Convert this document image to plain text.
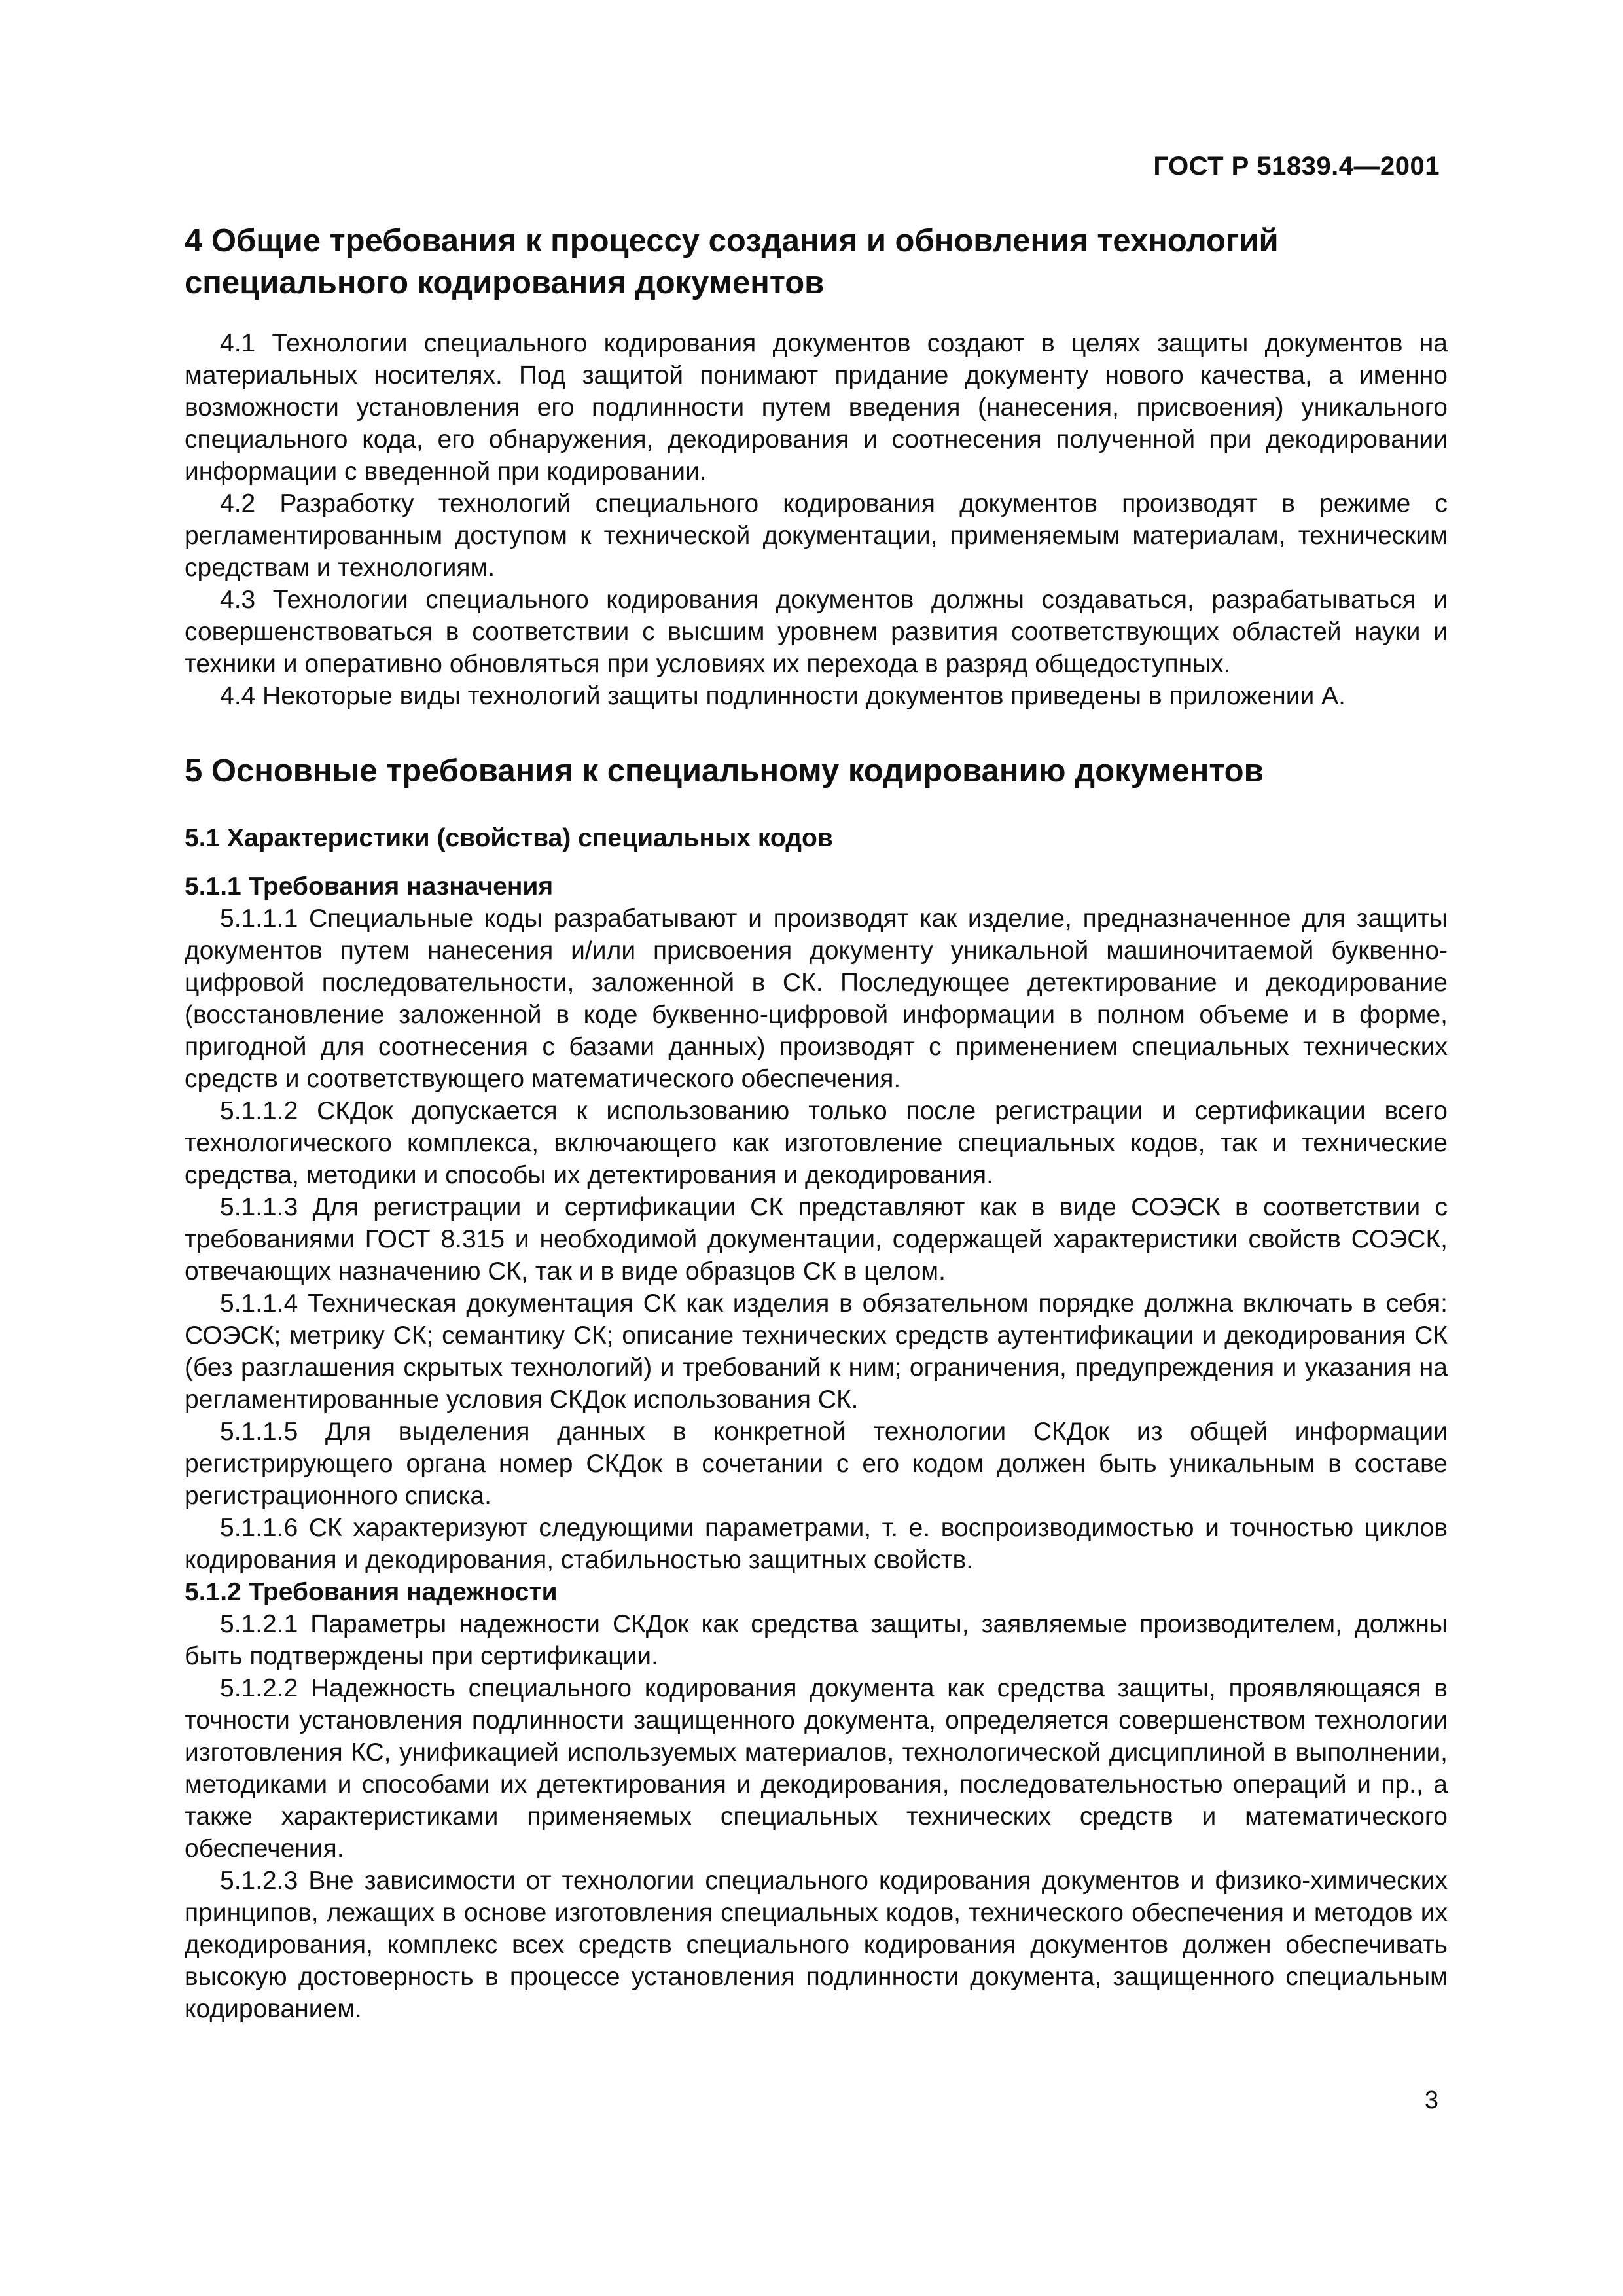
ГОСТ Р 51839.4—2001
4 Общие требования к процессу создания и обновления технологий специального кодирования документов

4.1 Технологии специального кодирования документов создают в целях защиты документов на материальных носителях. Под защитой понимают придание документу нового качества, а именно возможности установления его подлинности путем введения (нанесения, присвоения) уникального специального кода, его обнаружения, декодирования и соотнесения полученной при декодировании информации с введенной при кодировании.

4.2 Разработку технологий специального кодирования документов производят в режиме с регламентированным доступом к технической документации, применяемым материалам, техническим средствам и технологиям.

4.3 Технологии специального кодирования документов должны создаваться, разрабатываться и совершенствоваться в соответствии с высшим уровнем развития соответствующих областей науки и техники и оперативно обновляться при условиях их перехода в разряд общедоступных.

4.4 Некоторые виды технологий защиты подлинности документов приведены в приложении А.

5 Основные требования к специальному кодированию документов
5.1 Характеристики (свойства) специальных кодов
5.1.1 Требования назначения

5.1.1.1 Специальные коды разрабатывают и производят как изделие, предназначенное для защиты документов путем нанесения и/или присвоения документу уникальной машиночитаемой буквенно-цифровой последовательности, заложенной в СК. Последующее детектирование и декодирование (восстановление заложенной в коде буквенно-цифровой информации в полном объеме и в форме, пригодной для соотнесения с базами данных) производят с применением специальных технических средств и соответствующего математического обеспечения.

5.1.1.2 СКДок допускается к использованию только после регистрации и сертификации всего технологического комплекса, включающего как изготовление специальных кодов, так и технические средства, методики и способы их детектирования и декодирования.

5.1.1.3 Для регистрации и сертификации СК представляют как в виде СОЭСК в соответствии с требованиями ГОСТ 8.315 и необходимой документации, содержащей характеристики свойств СОЭСК, отвечающих назначению СК, так и в виде образцов СК в целом.

5.1.1.4 Техническая документация СК как изделия в обязательном порядке должна включать в себя: СОЭСК; метрику СК; семантику СК; описание технических средств аутентификации и декодирования СК (без разглашения скрытых технологий) и требований к ним; ограничения, предупреждения и указания на регламентированные условия СКДок использования СК.

5.1.1.5 Для выделения данных в конкретной технологии СКДок из общей информации регистрирующего органа номер СКДок в сочетании с его кодом должен быть уникальным в составе регистрационного списка.

5.1.1.6 СК характеризуют следующими параметрами, т. е. воспроизводимостью и точностью циклов кодирования и декодирования, стабильностью защитных свойств.

5.1.2 Требования надежности

5.1.2.1 Параметры надежности СКДок как средства защиты, заявляемые производителем, должны быть подтверждены при сертификации.

5.1.2.2 Надежность специального кодирования документа как средства защиты, проявляющаяся в точности установления подлинности защищенного документа, определяется совершенством технологии изготовления КС, унификацией используемых материалов, технологической дисциплиной в выполнении, методиками и способами их детектирования и декодирования, последовательностью операций и пр., а также характеристиками применяемых специальных технических средств и математического обеспечения.

5.1.2.3 Вне зависимости от технологии специального кодирования документов и физико-химических принципов, лежащих в основе изготовления специальных кодов, технического обеспечения и методов их декодирования, комплекс всех средств специального кодирования документов должен обеспечивать высокую достоверность в процессе установления подлинности документа, защищенного специальным кодированием.

3
